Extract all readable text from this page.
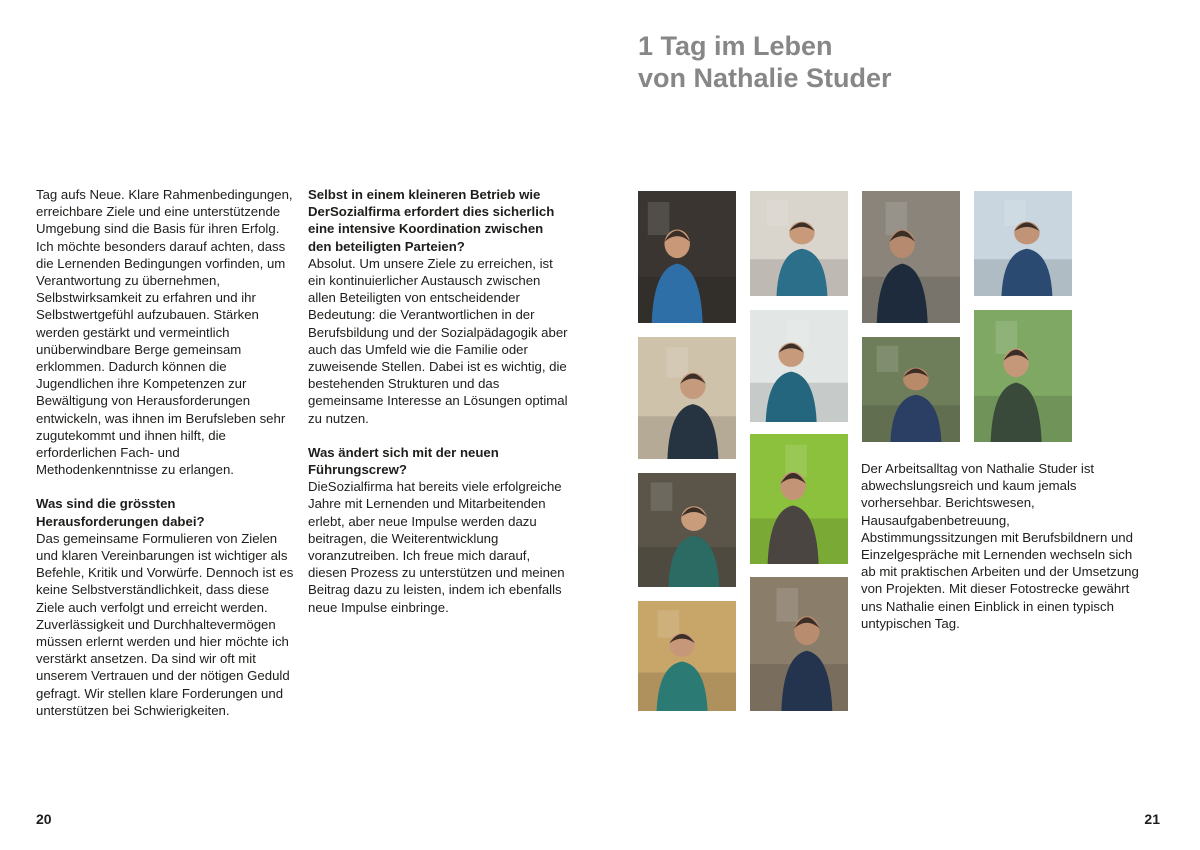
1 Tag im Leben
von Nathalie Studer

Tag aufs Neue. Klare Rahmenbedingungen, erreichbare Ziele und eine unterstützende Umgebung sind die Basis für ihren Erfolg. Ich möchte besonders darauf achten, dass die Lernenden Bedingungen vorfinden, um Verantwortung zu übernehmen, Selbstwirksamkeit zu erfahren und ihr Selbstwertgefühl aufzubauen. Stärken werden gestärkt und vermeintlich unüberwindbare Berge gemeinsam erklommen. Dadurch können die Jugendlichen ihre Kompetenzen zur Bewältigung von Herausforderungen entwickeln, was ihnen im Berufsleben sehr zugutekommt und ihnen hilft, die erforderlichen Fach- und Methodenkenntnisse zu erlangen.

Was sind die grössten Herausforderungen dabei?

Das gemeinsame Formulieren von Zielen und klaren Vereinbarungen ist wichtiger als Befehle, Kritik und Vorwürfe. Dennoch ist es keine Selbstverständlichkeit, dass diese Ziele auch verfolgt und erreicht werden. Zuverlässigkeit und Durchhaltevermögen müssen erlernt werden und hier möchte ich verstärkt ansetzen. Da sind wir oft mit unserem Vertrauen und der nötigen Geduld gefragt. Wir stellen klare Forderungen und unterstützen bei Schwierigkeiten.

Selbst in einem kleineren Betrieb wie DerSozialfirma erfordert dies sicherlich eine intensive Koordination zwischen den beteiligten Parteien?

Absolut. Um unsere Ziele zu erreichen, ist ein kontinuierlicher Austausch zwischen allen Beteiligten von entscheidender Bedeutung: die Verantwortlichen in der Berufsbildung und der Sozialpädagogik aber auch das Umfeld wie die Familie oder zuweisende Stellen. Dabei ist es wichtig, die bestehenden Strukturen und das gemeinsame Interesse an Lösungen optimal zu nutzen.

Was ändert sich mit der neuen Führungscrew?

DieSozialfirma hat bereits viele erfolgreiche Jahre mit Lernenden und Mitarbeitenden erlebt, aber neue Impulse werden dazu beitragen, die Weiterentwicklung voranzutreiben. Ich freue mich darauf, diesen Prozess zu unterstützen und meinen Beitrag dazu zu leisten, indem ich ebenfalls neue Impulse einbringe.

Der Arbeitsalltag von Nathalie Studer ist abwechslungsreich und kaum jemals vorhersehbar. Berichtswesen, Hausaufgabenbetreuung, Abstimmungssitzungen mit Berufsbildnern und Einzelgespräche mit Lernenden wechseln sich ab mit praktischen Arbeiten und der Umsetzung von Projekten. Mit dieser Fotostrecke gewährt uns Nathalie einen Einblick in einen typisch untypischen Tag.

20	21
